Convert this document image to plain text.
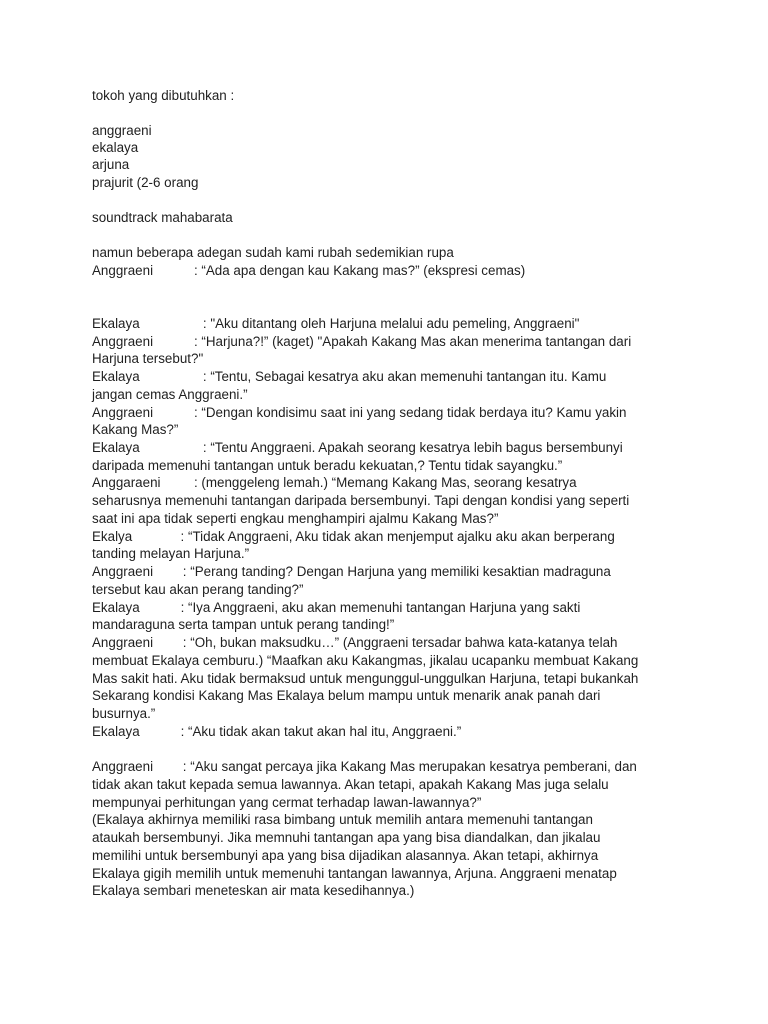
tokoh yang dibutuhkan :
anggraeni
ekalaya
arjuna
prajurit (2-6 orang
soundtrack mahabarata
namun beberapa adegan sudah kami rubah sedemikian rupa
Anggraeni           : “Ada apa dengan kau Kakang mas?” (ekspresi cemas)
Ekalaya                 : "Aku ditantang oleh Harjuna melalui adu pemeling, Anggraeni"
Anggraeni           : “Harjuna?!” (kaget) "Apakah Kakang Mas akan menerima tantangan dari
Harjuna tersebut?"
Ekalaya                 : “Tentu, Sebagai kesatrya aku akan memenuhi tantangan itu. Kamu
jangan cemas Anggraeni.”
Anggraeni           : “Dengan kondisimu saat ini yang sedang tidak berdaya itu? Kamu yakin
Kakang Mas?”
Ekalaya                 : “Tentu Anggraeni. Apakah seorang kesatrya lebih bagus bersembunyi
daripada memenuhi tantangan untuk beradu kekuatan,? Tentu tidak sayangku.”
Anggaraeni         : (menggeleng lemah.) “Memang Kakang Mas, seorang kesatrya
seharusnya memenuhi tantangan daripada bersembunyi. Tapi dengan kondisi yang seperti
saat ini apa tidak seperti engkau menghampiri ajalmu Kakang Mas?”
Ekalya             : “Tidak Anggraeni, Aku tidak akan menjemput ajalku aku akan berperang
tanding melayan Harjuna.”
Anggraeni        : “Perang tanding? Dengan Harjuna yang memiliki kesaktian madraguna
tersebut kau akan perang tanding?”
Ekalaya           : “Iya Anggraeni, aku akan memenuhi tantangan Harjuna yang sakti
mandaraguna serta tampan untuk perang tanding!”
Anggraeni        : “Oh, bukan maksudku…” (Anggraeni tersadar bahwa kata-katanya telah
membuat Ekalaya cemburu.) “Maafkan aku Kakangmas, jikalau ucapanku membuat Kakang
Mas sakit hati. Aku tidak bermaksud untuk mengunggul-unggulkan Harjuna, tetapi bukankah
Sekarang kondisi Kakang Mas Ekalaya belum mampu untuk menarik anak panah dari
busurnya.”
Ekalaya           : “Aku tidak akan takut akan hal itu, Anggraeni.”
Anggraeni        : “Aku sangat percaya jika Kakang Mas merupakan kesatrya pemberani, dan
tidak akan takut kepada semua lawannya. Akan tetapi, apakah Kakang Mas juga selalu
mempunyai perhitungan yang cermat terhadap lawan-lawannya?”
(Ekalaya akhirnya memiliki rasa bimbang untuk memilih antara memenuhi tantangan
ataukah bersembunyi. Jika memnuhi tantangan apa yang bisa diandalkan, dan jikalau
memilihi untuk bersembunyi apa yang bisa dijadikan alasannya. Akan tetapi, akhirnya
Ekalaya gigih memilih untuk memenuhi tantangan lawannya, Arjuna. Anggraeni menatap
Ekalaya sembari meneteskan air mata kesedihannya.)
